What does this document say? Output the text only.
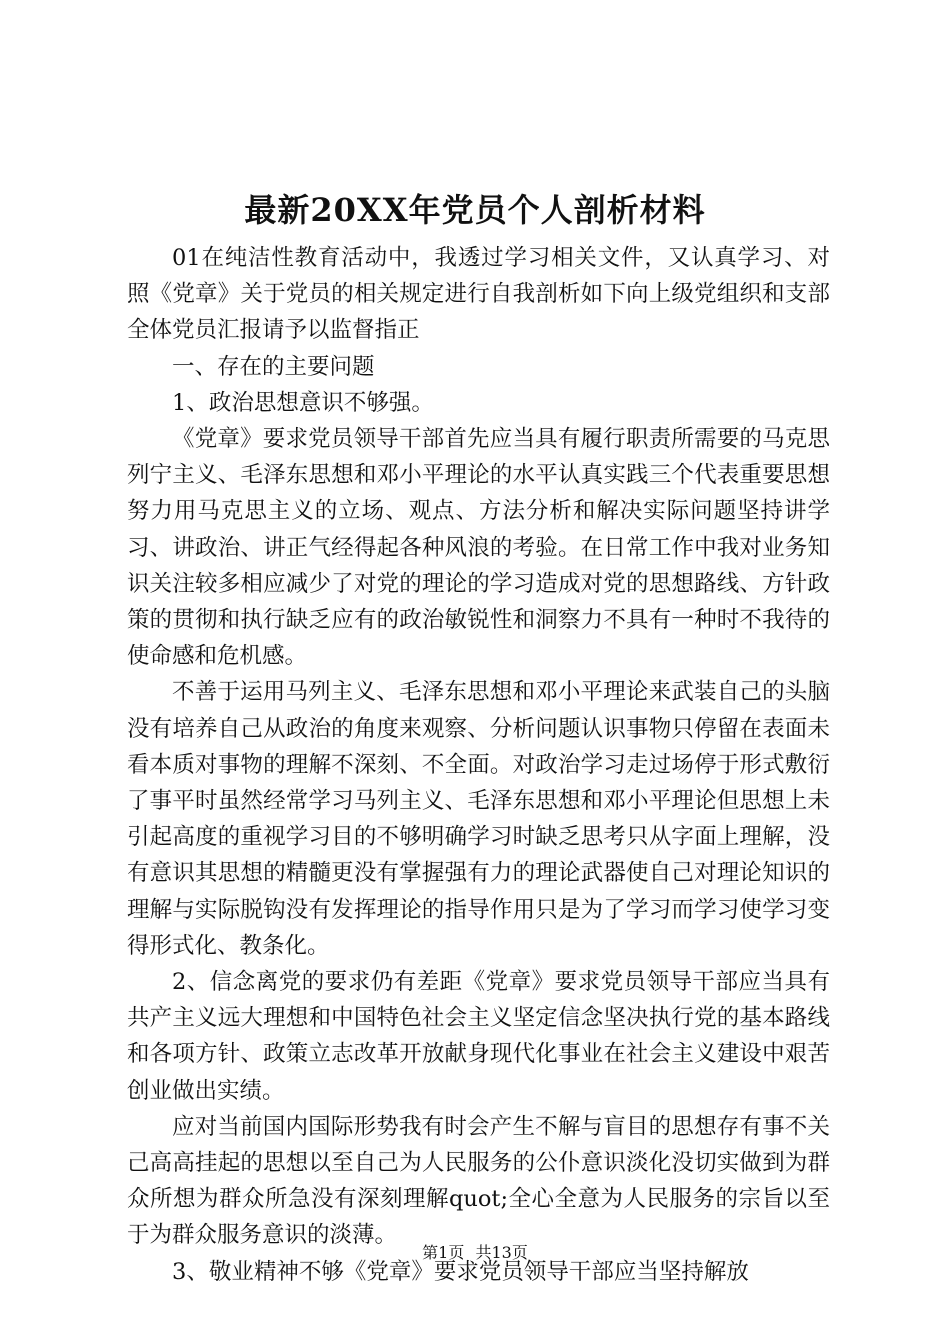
最新20XX年党员个人剖析材料

01在纯洁性教育活动中，我透过学习相关文件，又认真学习、对照《党章》关于党员的相关规定进行自我剖析如下向上级党组织和支部全体党员汇报请予以监督指正

一、存在的主要问题

1、政治思想意识不够强。

《党章》要求党员领导干部首先应当具有履行职责所需要的马克思列宁主义、毛泽东思想和邓小平理论的水平认真实践三个代表重要思想努力用马克思主义的立场、观点、方法分析和解决实际问题坚持讲学习、讲政治、讲正气经得起各种风浪的考验。在日常工作中我对业务知识关注较多相应减少了对党的理论的学习造成对党的思想路线、方针政策的贯彻和执行缺乏应有的政治敏锐性和洞察力不具有一种时不我待的使命感和危机感。

不善于运用马列主义、毛泽东思想和邓小平理论来武装自己的头脑没有培养自己从政治的角度来观察、分析问题认识事物只停留在表面未看本质对事物的理解不深刻、不全面。对政治学习走过场停于形式敷衍了事平时虽然经常学习马列主义、毛泽东思想和邓小平理论但思想上未引起高度的重视学习目的不够明确学习时缺乏思考只从字面上理解，没有意识其思想的精髓更没有掌握强有力的理论武器使自己对理论知识的理解与实际脱钩没有发挥理论的指导作用只是为了学习而学习使学习变得形式化、教条化。

2、信念离党的要求仍有差距《党章》要求党员领导干部应当具有共产主义远大理想和中国特色社会主义坚定信念坚决执行党的基本路线和各项方针、政策立志改革开放献身现代化事业在社会主义建设中艰苦创业做出实绩。

应对当前国内国际形势我有时会产生不解与盲目的思想存有事不关己高高挂起的思想以至自己为人民服务的公仆意识淡化没切实做到为群众所想为群众所急没有深刻理解quot;全心全意为人民服务的宗旨以至于为群众服务意识的淡薄。

3、敬业精神不够《党章》要求党员领导干部应当坚持解放

第1页 共13页
